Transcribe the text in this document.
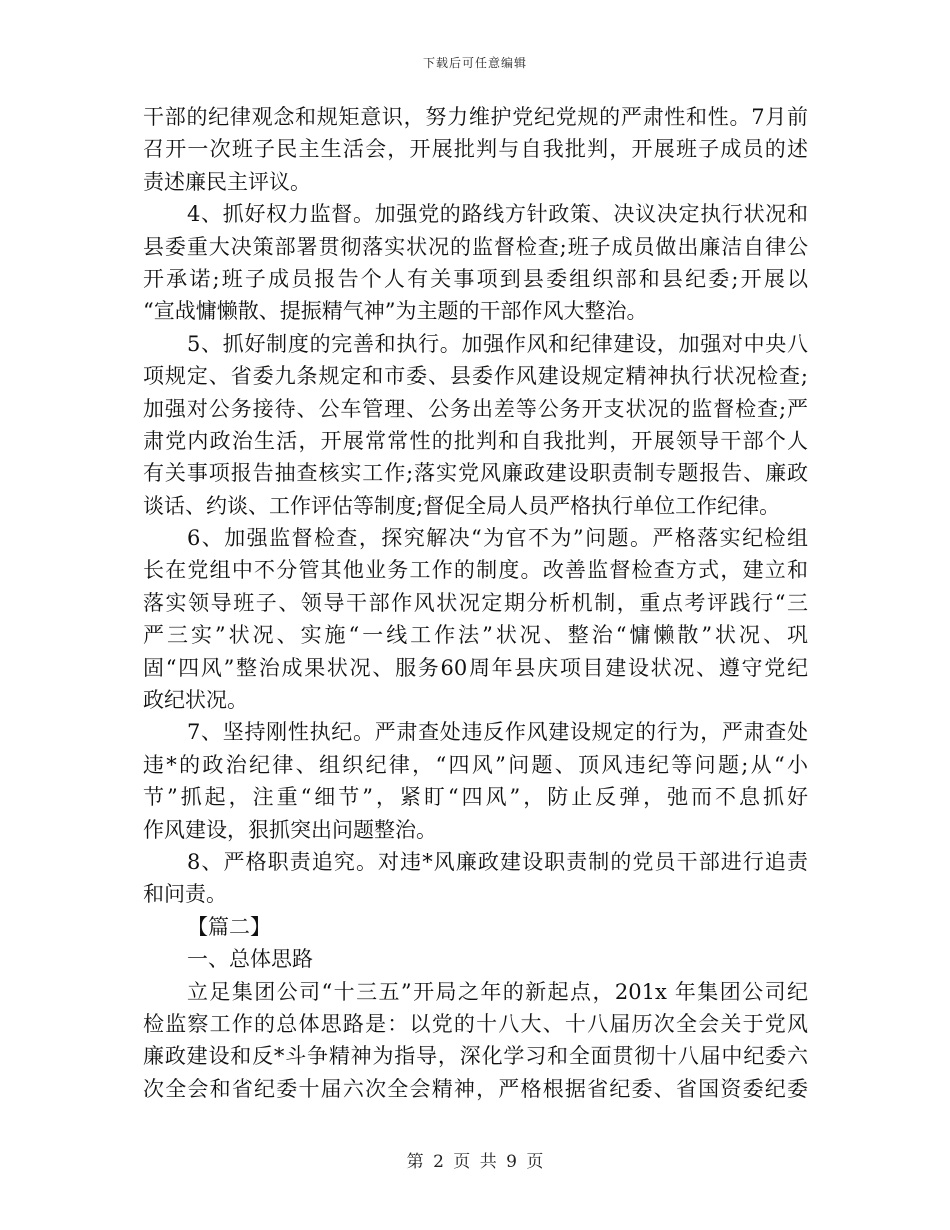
下载后可任意编辑
干部的纪律观念和规矩意识，努力维护党纪党规的严肃性和性。7月前
召开一次班子民主生活会，开展批判与自我批判，开展班子成员的述
责述廉民主评议。
4、抓好权力监督。加强党的路线方针政策、决议决定执行状况和
县委重大决策部署贯彻落实状况的监督检查;班子成员做出廉洁自律公
开承诺;班子成员报告个人有关事项到县委组织部和县纪委;开展以
“宣战慵懒散、提振精气神”为主题的干部作风大整治。
5、抓好制度的完善和执行。加强作风和纪律建设，加强对中央八
项规定、省委九条规定和市委、县委作风建设规定精神执行状况检查;
加强对公务接待、公车管理、公务出差等公务开支状况的监督检查;严
肃党内政治生活，开展常常性的批判和自我批判，开展领导干部个人
有关事项报告抽查核实工作;落实党风廉政建设职责制专题报告、廉政
谈话、约谈、工作评估等制度;督促全局人员严格执行单位工作纪律。
6、加强监督检查，探究解决“为官不为”问题。严格落实纪检组
长在党组中不分管其他业务工作的制度。改善监督检查方式，建立和
落实领导班子、领导干部作风状况定期分析机制，重点考评践行“三
严三实”状况、实施“一线工作法”状况、整治“慵懒散”状况、巩
固“四风”整治成果状况、服务60周年县庆项目建设状况、遵守党纪
政纪状况。
7、坚持刚性执纪。严肃查处违反作风建设规定的行为，严肃查处
违*的政治纪律、组织纪律，“四风”问题、顶风违纪等问题;从“小
节”抓起，注重“细节”，紧盯“四风”，防止反弹，弛而不息抓好
作风建设，狠抓突出问题整治。
8、严格职责追究。对违*风廉政建设职责制的党员干部进行追责
和问责。
【篇二】
一、总体思路
立足集团公司“十三五”开局之年的新起点，201x 年集团公司纪
检监察工作的总体思路是：以党的十八大、十八届历次全会关于党风
廉政建设和反*斗争精神为指导，深化学习和全面贯彻十八届中纪委六
次全会和省纪委十届六次全会精神，严格根据省纪委、省国资委纪委
第 2 页 共 9 页
